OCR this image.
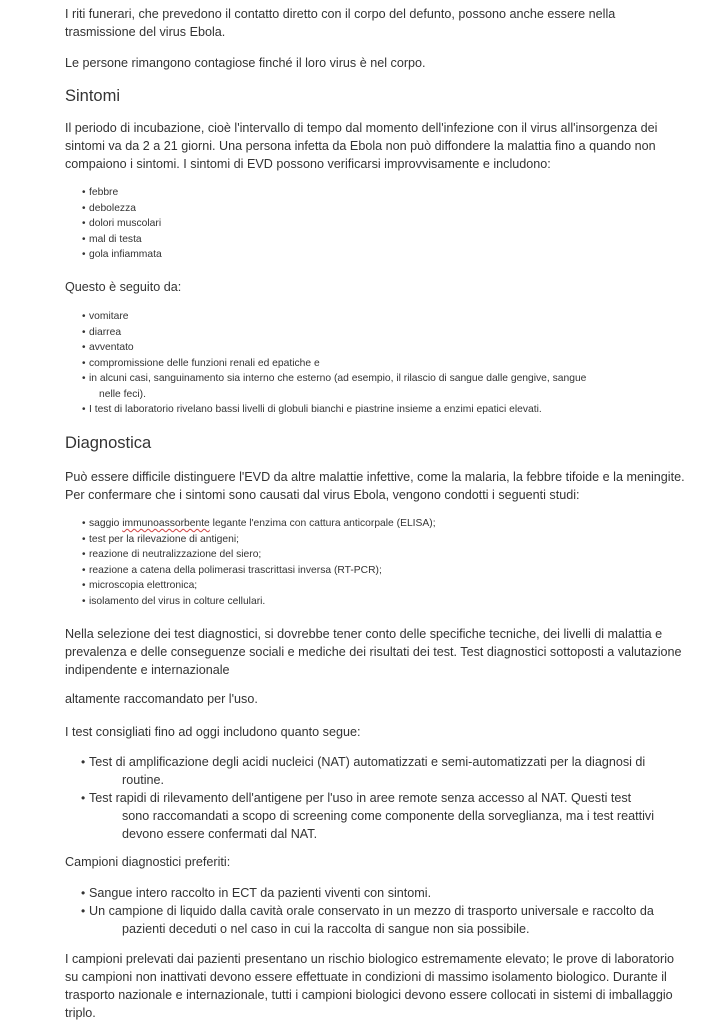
I riti funerari, che prevedono il contatto diretto con il corpo del defunto, possono anche essere nella trasmissione del virus Ebola.

Le persone rimangono contagiose finché il loro virus è nel corpo.

Sintomi

Il periodo di incubazione, cioè l'intervallo di tempo dal momento dell'infezione con il virus all'insorgenza dei sintomi va da 2 a 21 giorni. Una persona infetta da Ebola non può diffondere la malattia fino a quando non compaiono i sintomi. I sintomi di EVD possono verificarsi improvvisamente e includono:

• febbre
• debolezza
• dolori muscolari
• mal di testa
• gola infiammata

Questo è seguito da:

• vomitare
• diarrea
• avventato
• compromissione delle funzioni renali ed epatiche e
• in alcuni casi, sanguinamento sia interno che esterno (ad esempio, il rilascio di sangue dalle gengive, sangue
nelle feci).
• I test di laboratorio rivelano bassi livelli di globuli bianchi e piastrine insieme a enzimi epatici elevati.
Diagnostica

Può essere difficile distinguere l'EVD da altre malattie infettive, come la malaria, la febbre tifoide e la meningite. Per confermare che i sintomi sono causati dal virus Ebola, vengono condotti i seguenti studi:

• saggio immunoassorbente legante l'enzima con cattura anticorpale (ELISA);
• test per la rilevazione di antigeni;
• reazione di neutralizzazione del siero;
• reazione a catena della polimerasi trascrittasi inversa (RT-PCR);
• microscopia elettronica;
• isolamento del virus in colture cellulari.

Nella selezione dei test diagnostici, si dovrebbe tener conto delle specifiche tecniche, dei livelli di malattia e prevalenza e delle conseguenze sociali e mediche dei risultati dei test. Test diagnostici sottoposti a valutazione indipendente e internazionale

altamente raccomandato per l'uso.

I test consigliati fino ad oggi includono quanto segue:

• Test di amplificazione degli acidi nucleici (NAT) automatizzati e semi-automatizzati per la diagnosi di
routine.
• Test rapidi di rilevamento dell'antigene per l'uso in aree remote senza accesso al NAT. Questi test
sono raccomandati a scopo di screening come componente della sorveglianza, ma i test reattivi
devono essere confermati dal NAT.

Campioni diagnostici preferiti:

• Sangue intero raccolto in ECT da pazienti viventi con sintomi.
• Un campione di liquido dalla cavità orale conservato in un mezzo di trasporto universale e raccolto da
pazienti deceduti o nel caso in cui la raccolta di sangue non sia possibile.

I campioni prelevati dai pazienti presentano un rischio biologico estremamente elevato; le prove di laboratorio su campioni non inattivati devono essere effettuate in condizioni di massimo isolamento biologico. Durante il trasporto nazionale e internazionale, tutti i campioni biologici devono essere collocati in sistemi di imballaggio triplo.
